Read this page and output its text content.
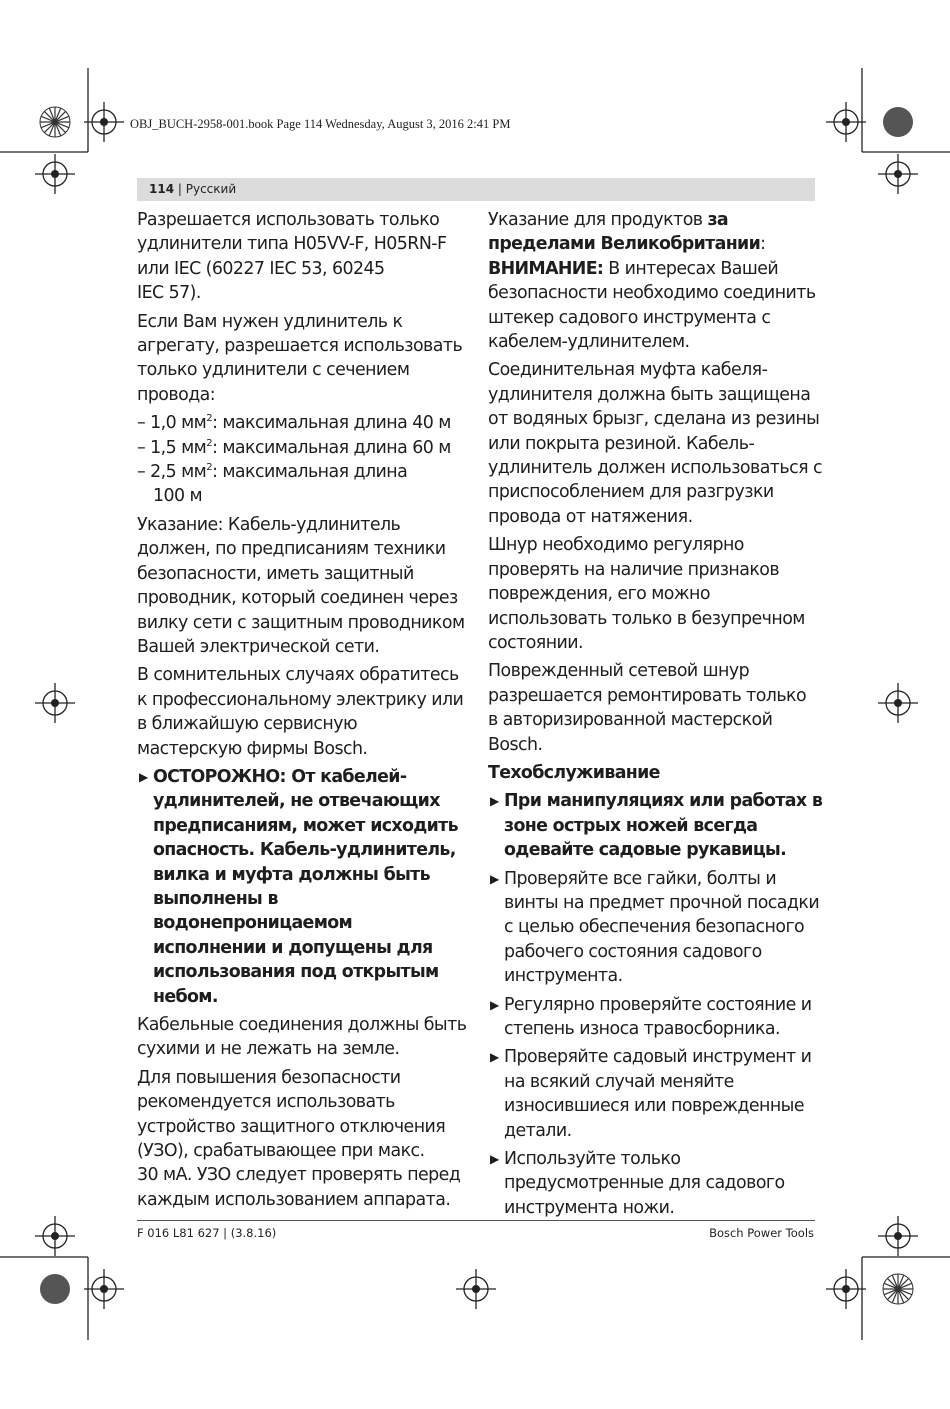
OBJ_BUCH-2958-001.book Page 114 Wednesday, August 3, 2016 2:41 PM
114 | Русский

Разрешается использовать только
удлинители типа H05VV-F, H05RN-F
или IEC (60227 IEC 53, 60245
IEC 57).

Если Вам нужен удлинитель к
агрегату, разрешается использовать
только удлинители с сечением
провода:

– 1,0 $мм^2$: максимальная длина 40 м
– 1,5 $мм^2$: максимальная длина 60 м
– 2,5 $мм^2$: максимальная длина
100 м

Указание: Кабель-удлинитель
должен, по предписаниям техники
безопасности, иметь защитный
проводник, который соединен через
вилку сети с защитным проводником
Вашей электрической сети.

В сомнительных случаях обратитесь
к профессиональному электрику или
в ближайшую сервисную
мастерскую фирмы Bosch.

▶ ОСТОРОЖНО: От кабелей-
удлинителей, не отвечающих
предписаниям, может исходить
опасность. Кабель-удлинитель,
вилка и муфта должны быть
выполнены в
водонепроницаемом
исполнении и допущены для
использования под открытым
небом.

Кабельные соединения должны быть
сухими и не лежать на земле.

Для повышения безопасности
рекомендуется использовать
устройство защитного отключения
(УЗО), срабатывающее при макс.
30 мА. УЗО следует проверять перед
каждым использованием аппарата.

Указание для продуктов за
пределами Великобритании:
ВНИМАНИЕ: В интересах Вашей
безопасности необходимо соединить
штекер садового инструмента с
кабелем-удлинителем.

Соединительная муфта кабеля-
удлинителя должна быть защищена
от водяных брызг, сделана из резины
или покрыта резиной. Кабель-
удлинитель должен использоваться с
приспособлением для разгрузки
провода от натяжения.

Шнур необходимо регулярно
проверять на наличие признаков
повреждения, его можно
использовать только в безупречном
состоянии.

Поврежденный сетевой шнур
разрешается ремонтировать только
в авторизированной мастерской
Bosch.

Техобслуживание

▶ При манипуляциях или работах в
зоне острых ножей всегда
одевайте садовые рукавицы.
▶ Проверяйте все гайки, болты и
винты на предмет прочной посадки
с целью обеспечения безопасного
рабочего состояния садового
инструмента.
▶ Регулярно проверяйте состояние и
степень износа травосборника.
▶ Проверяйте садовый инструмент и
на всякий случай меняйте
износившиеся или поврежденные
детали.
▶ Используйте только
предусмотренные для садового
инструмента ножи.
F 016 L81 627 | (3.8.16)	Bosch Power Tools
